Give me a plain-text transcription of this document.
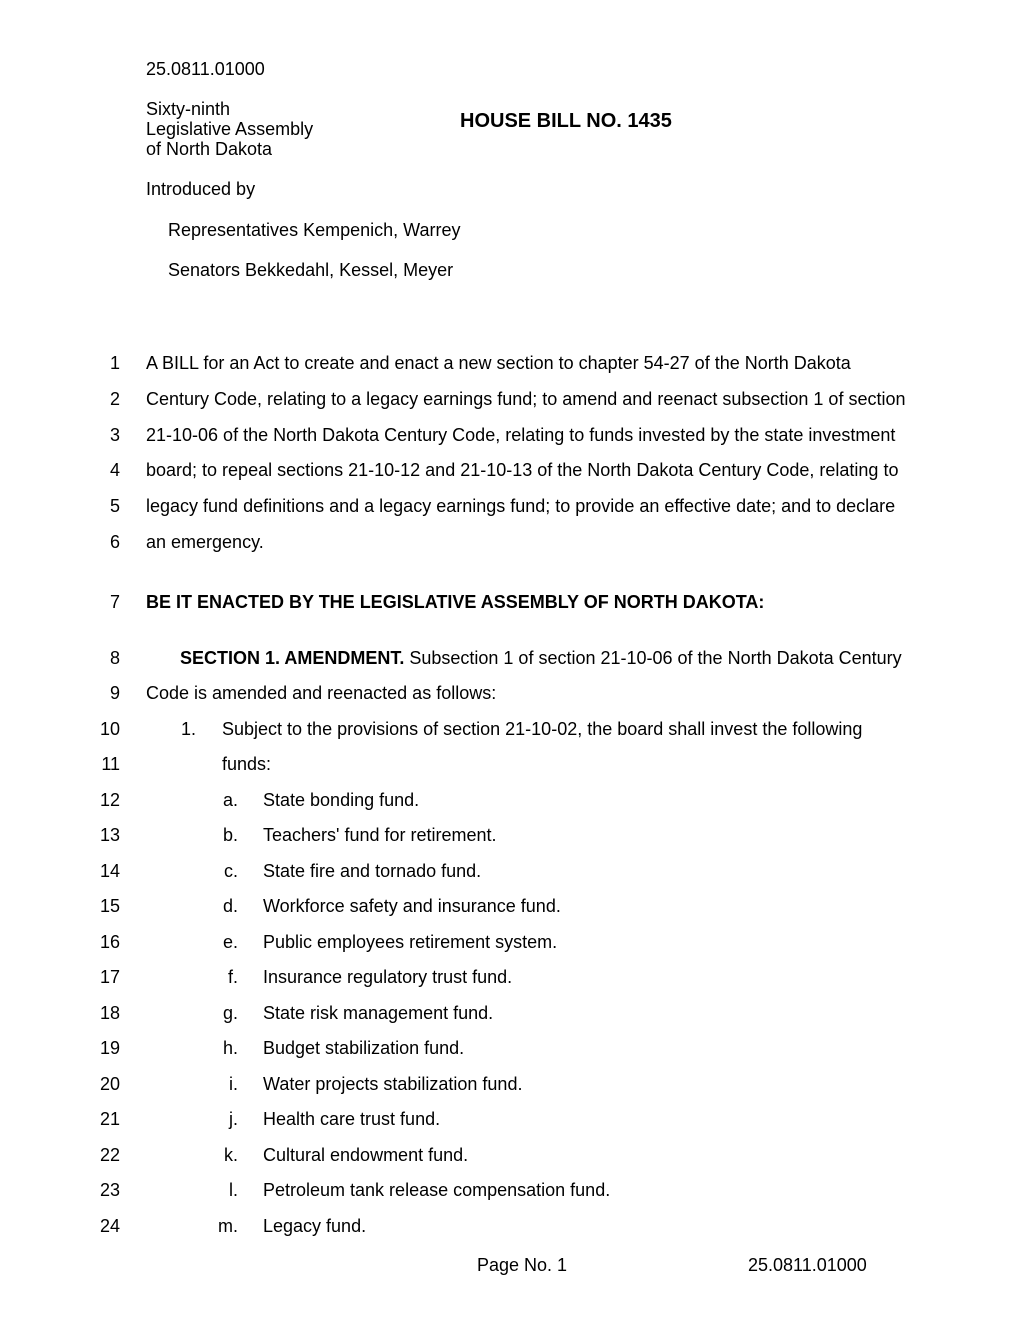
25.0811.01000
Sixty-ninth
Legislative Assembly
of North Dakota
HOUSE BILL NO. 1435
Introduced by
Representatives Kempenich, Warrey
Senators Bekkedahl, Kessel, Meyer
1
2
3
4
5
6
7
8
9
10
11
12
13
14
15
16
17
18
19
20
21
22
23
24
A BILL for an Act to create and enact a new section to chapter 54-27 of the North Dakota
Century Code, relating to a legacy earnings fund; to amend and reenact subsection 1 of section
21-10-06 of the North Dakota Century Code, relating to funds invested by the state investment
board; to repeal sections 21-10-12 and 21-10-13 of the North Dakota Century Code, relating to
legacy fund definitions and a legacy earnings fund; to provide an effective date; and to declare
an emergency.
BE IT ENACTED BY THE LEGISLATIVE ASSEMBLY OF NORTH DAKOTA:
SECTION 1. AMENDMENT. Subsection 1 of section 21-10-06 of the North Dakota Century
Code is amended and reenacted as follows:
1. Subject to the provisions of section 21-10-02, the board shall invest the following
funds:
a. State bonding fund.
b. Teachers' fund for retirement.
c. State fire and tornado fund.
d. Workforce safety and insurance fund.
e. Public employees retirement system.
f. Insurance regulatory trust fund.
g. State risk management fund.
h. Budget stabilization fund.
i. Water projects stabilization fund.
j. Health care trust fund.
k. Cultural endowment fund.
l. Petroleum tank release compensation fund.
m. Legacy fund.
Page No. 1	25.0811.01000
